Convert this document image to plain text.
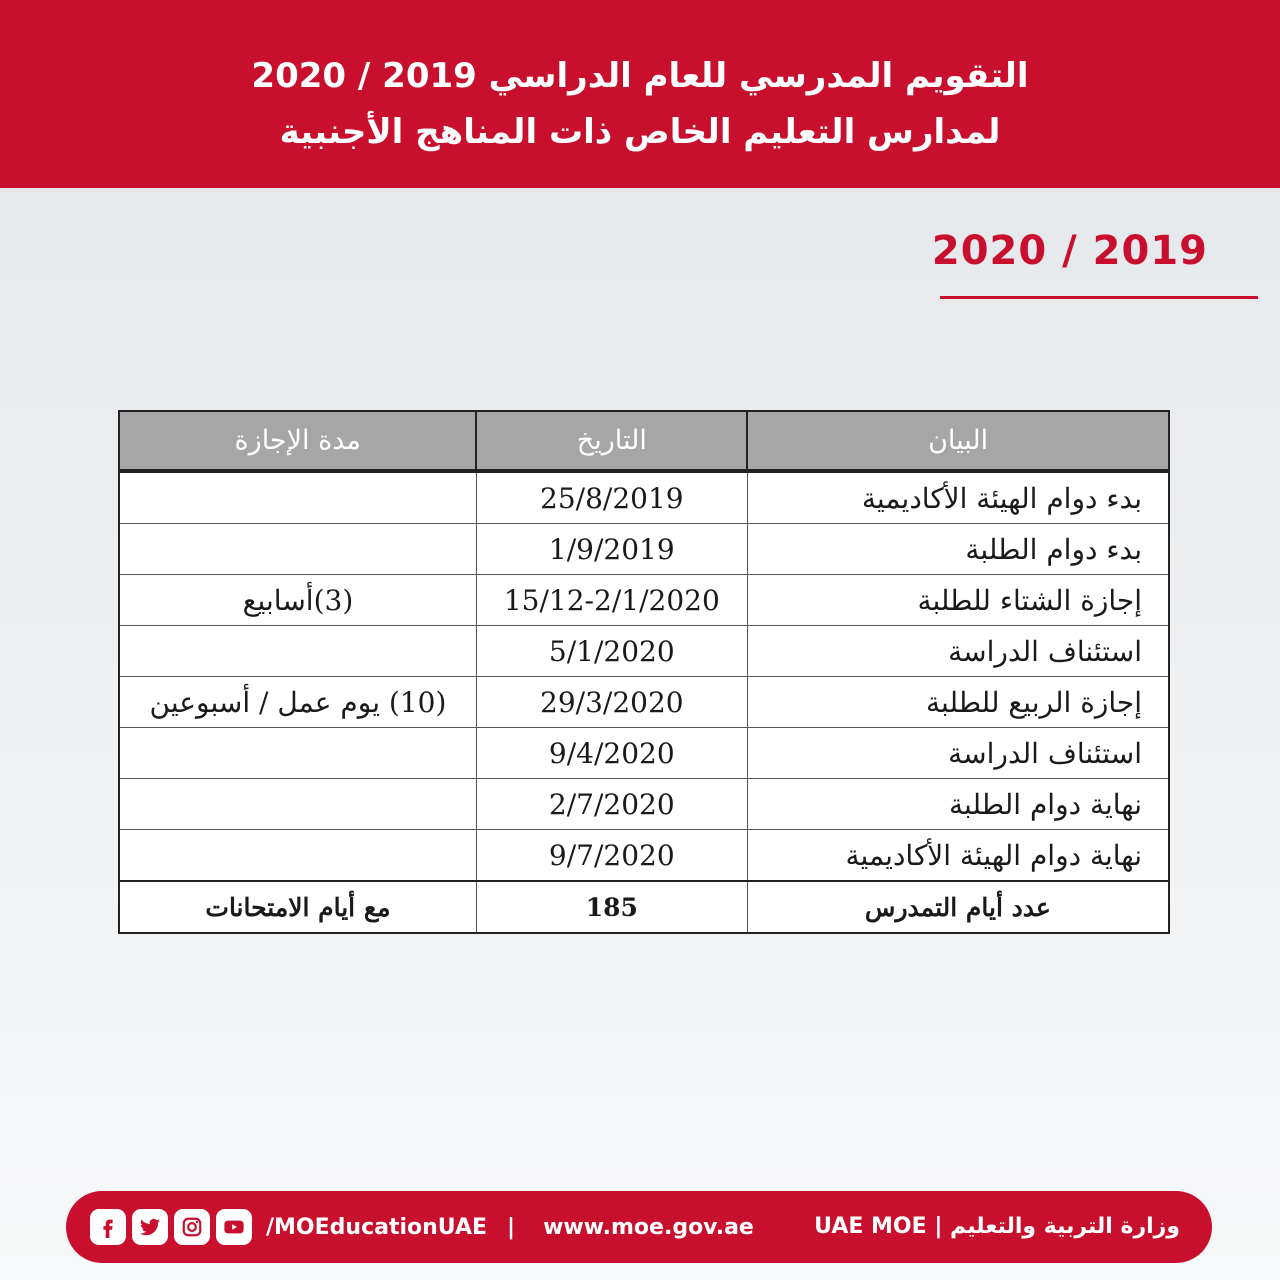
التقويم المدرسي للعام الدراسي 2019 / 2020
لمدارس التعليم الخاص ذات المناهج الأجنبية
2020 / 2019
البيان	التاريخ	مدة الإجازة
بدء دوام الهيئة الأكاديمية	25/8/2019	
بدء دوام الطلبة	1/9/2019	
إجازة الشتاء للطلبة	15/12-2/1/2020	(3)أسابيع
استئناف الدراسة	5/1/2020	
إجازة الربيع للطلبة	29/3/2020	(10) يوم عمل / أسبوعين
استئناف الدراسة	9/4/2020	
نهاية دوام الطلبة	2/7/2020	
نهاية دوام الهيئة الأكاديمية	9/7/2020	
عدد أيام التمدرس	185	مع أيام الامتحانات
/MOEducationUAE | www.moe.gov.ae	وزارة التربية والتعليم | UAE MOE
